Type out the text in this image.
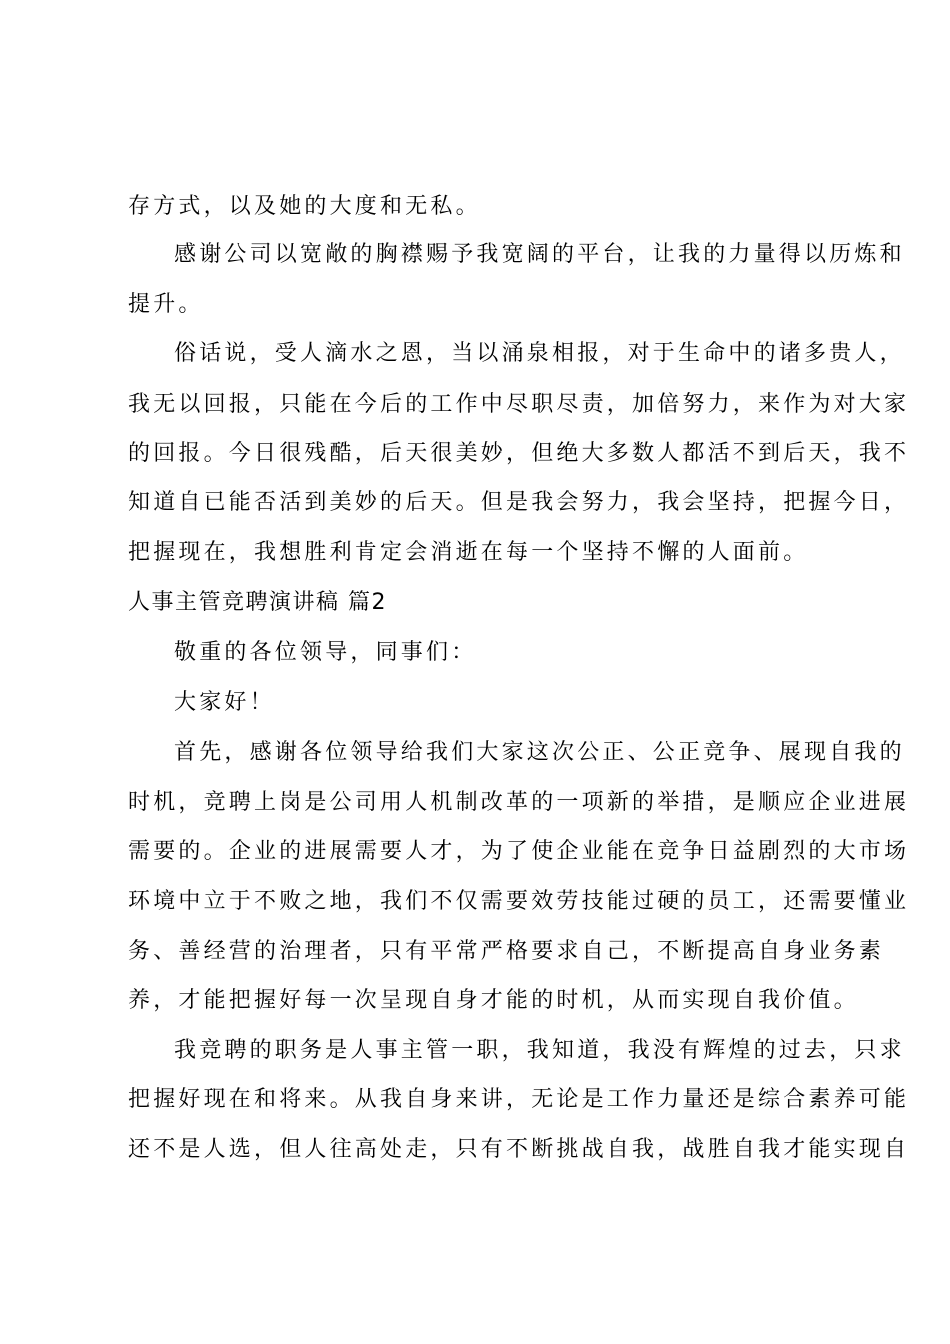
存方式，以及她的大度和无私。
感谢公司以宽敞的胸襟赐予我宽阔的平台，让我的力量得以历炼和
提升。
俗话说，受人滴水之恩，当以涌泉相报，对于生命中的诸多贵人，
我无以回报，只能在今后的工作中尽职尽责，加倍努力，来作为对大家
的回报。今日很残酷，后天很美妙，但绝大多数人都活不到后天，我不
知道自已能否活到美妙的后天。但是我会努力，我会坚持，把握今日，
把握现在，我想胜利肯定会消逝在每一个坚持不懈的人面前。
人事主管竞聘演讲稿 篇2
敬重的各位领导，同事们：
大家好！
首先，感谢各位领导给我们大家这次公正、公正竞争、展现自我的
时机，竞聘上岗是公司用人机制改革的一项新的举措，是顺应企业进展
需要的。企业的进展需要人才，为了使企业能在竞争日益剧烈的大市场
环境中立于不败之地，我们不仅需要效劳技能过硬的员工，还需要懂业
务、善经营的治理者，只有平常严格要求自己，不断提高自身业务素
养，才能把握好每一次呈现自身才能的时机，从而实现自我价值。
我竞聘的职务是人事主管一职，我知道，我没有辉煌的过去，只求
把握好现在和将来。从我自身来讲，无论是工作力量还是综合素养可能
还不是人选，但人往高处走，只有不断挑战自我，战胜自我才能实现自
